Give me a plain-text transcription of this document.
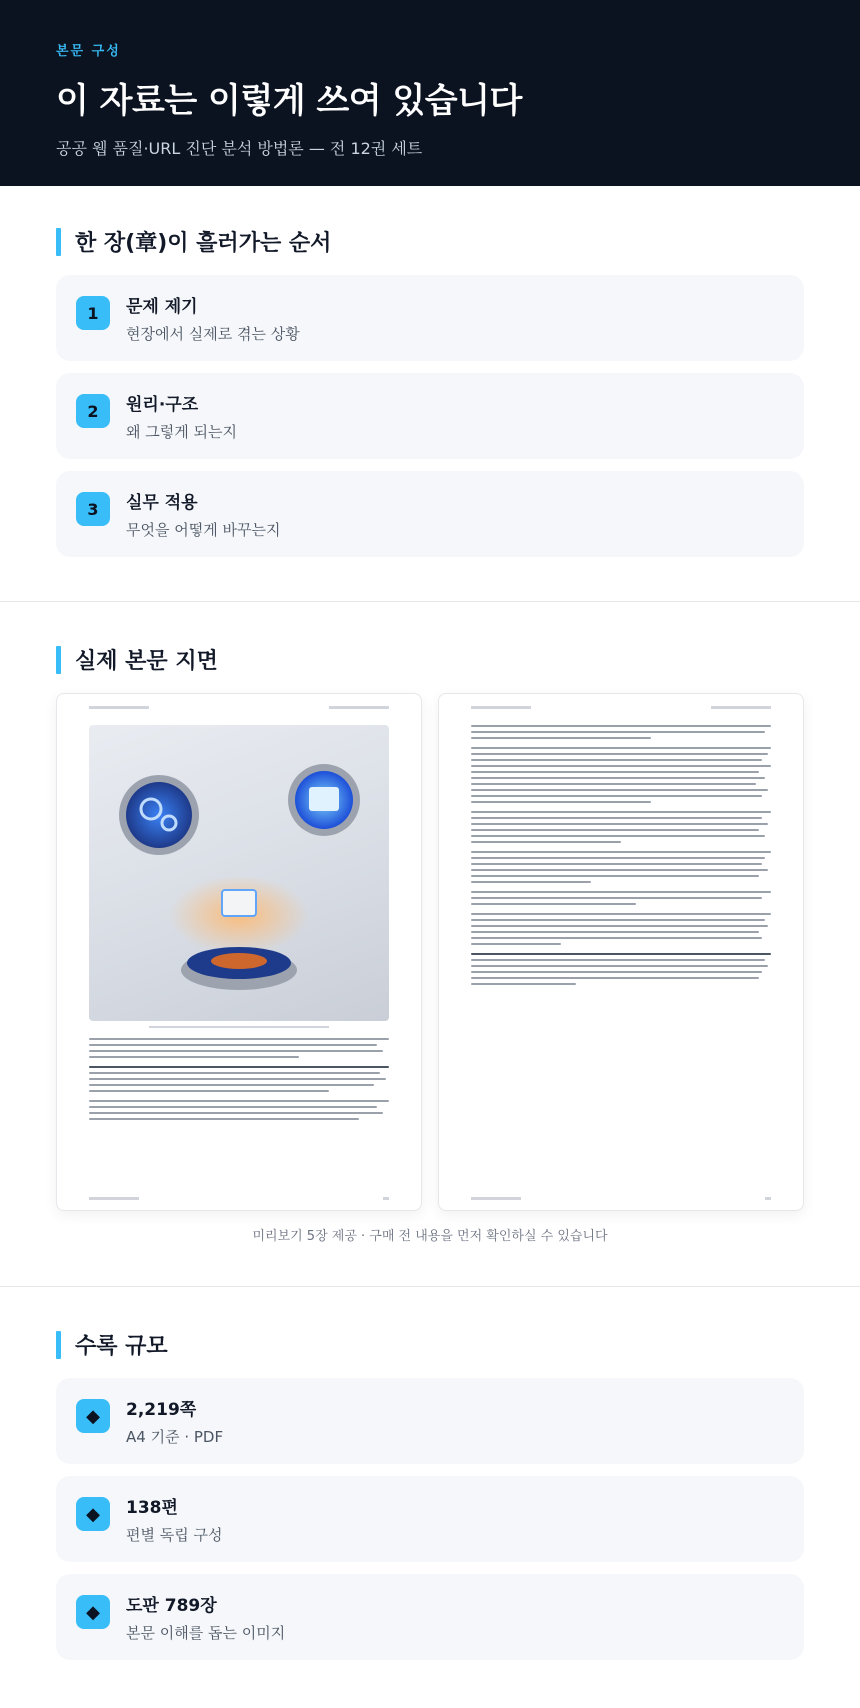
본문 구성
이 자료는 이렇게 쓰여 있습니다
공공 웹 품질·URL 진단 분석 방법론 — 전 12권 세트
한 장(章)이 흘러가는 순서
1	문제 제기
현장에서 실제로 겪는 상황
2	원리·구조
왜 그렇게 되는지
3	실무 적용
무엇을 어떻게 바꾸는지
실제 본문 지면
미리보기 5장 제공 · 구매 전 내용을 먼저 확인하실 수 있습니다
수록 규모
◆	2,219쪽
A4 기준 · PDF
◆	138편
편별 독립 구성
◆	도판 789장
본문 이해를 돕는 이미지
